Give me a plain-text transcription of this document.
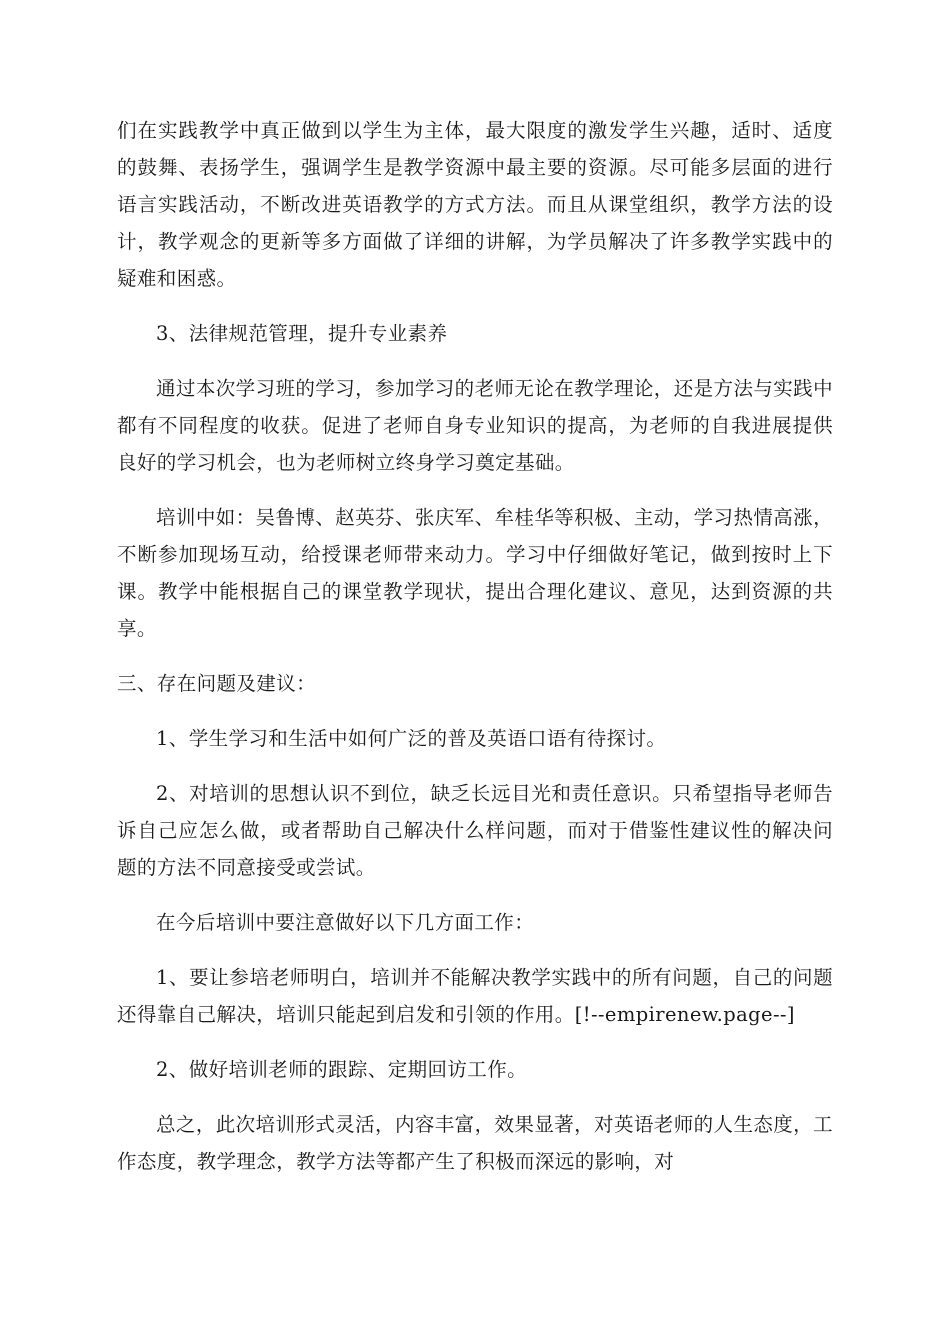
们在实践教学中真正做到以学生为主体，最大限度的激发学生兴趣，适时、适度的鼓舞、表扬学生，强调学生是教学资源中最主要的资源。尽可能多层面的进行语言实践活动，不断改进英语教学的方式方法。而且从课堂组织，教学方法的设计，教学观念的更新等多方面做了详细的讲解，为学员解决了许多教学实践中的疑难和困惑。

3、法律规范管理，提升专业素养

通过本次学习班的学习，参加学习的老师无论在教学理论，还是方法与实践中都有不同程度的收获。促进了老师自身专业知识的提高，为老师的自我进展提供良好的学习机会，也为老师树立终身学习奠定基础。

培训中如：吴鲁博、赵英芬、张庆军、牟桂华等积极、主动，学习热情高涨，不断参加现场互动，给授课老师带来动力。学习中仔细做好笔记，做到按时上下课。教学中能根据自己的课堂教学现状，提出合理化建议、意见，达到资源的共享。

三、存在问题及建议：

1、学生学习和生活中如何广泛的普及英语口语有待探讨。

2、对培训的思想认识不到位，缺乏长远目光和责任意识。只希望指导老师告诉自己应怎么做，或者帮助自己解决什么样问题，而对于借鉴性建议性的解决问题的方法不同意接受或尝试。

在今后培训中要注意做好以下几方面工作：

1、要让参培老师明白，培训并不能解决教学实践中的所有问题，自己的问题还得靠自己解决，培训只能起到启发和引领的作用。[!--empirenew.page--]

2、做好培训老师的跟踪、定期回访工作。

总之，此次培训形式灵活，内容丰富，效果显著，对英语老师的人生态度，工作态度，教学理念，教学方法等都产生了积极而深远的影响，对
